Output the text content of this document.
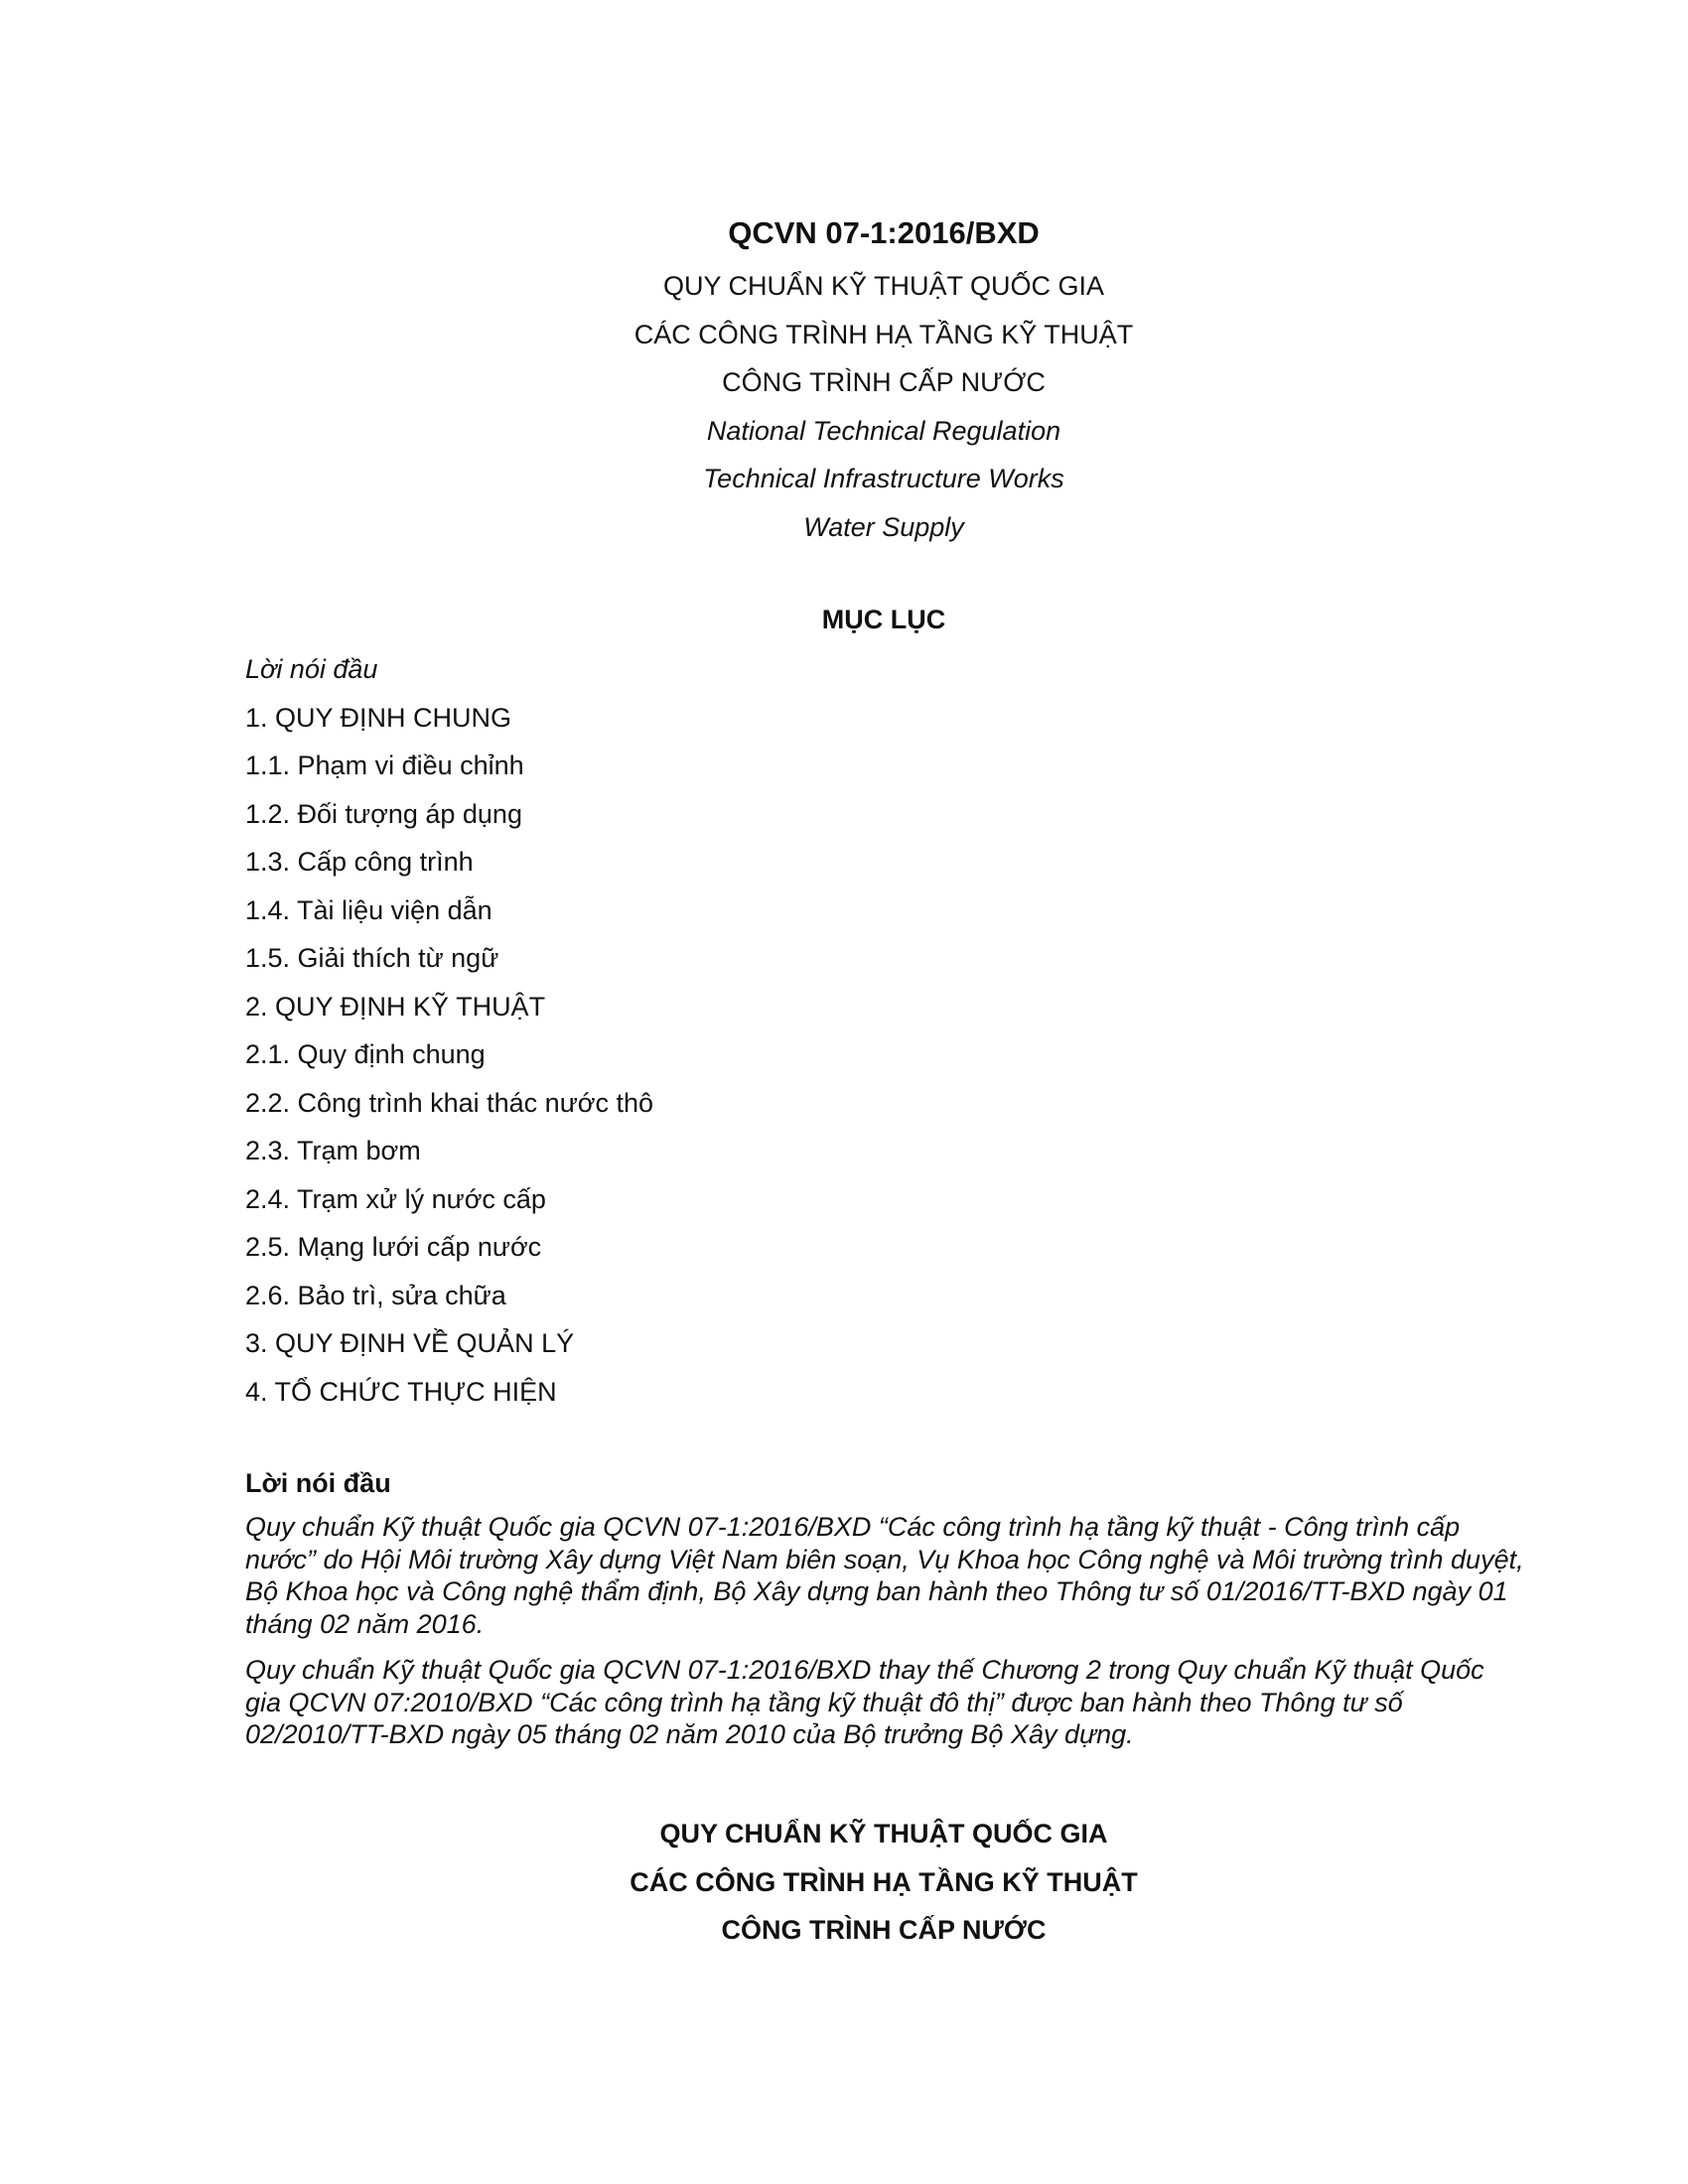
QCVN 07-1:2016/BXD

QUY CHUẨN KỸ THUẬT QUỐC GIA

CÁC CÔNG TRÌNH HẠ TẦNG KỸ THUẬT

CÔNG TRÌNH CẤP NƯỚC

National Technical Regulation

Technical Infrastructure Works

Water Supply

MỤC LỤC

Lời nói đầu
1. QUY ĐỊNH CHUNG
1.1. Phạm vi điều chỉnh
1.2. Đối tượng áp dụng
1.3. Cấp công trình
1.4. Tài liệu viện dẫn
1.5. Giải thích từ ngữ
2. QUY ĐỊNH KỸ THUẬT
2.1. Quy định chung
2.2. Công trình khai thác nước thô
2.3. Trạm bơm
2.4. Trạm xử lý nước cấp
2.5. Mạng lưới cấp nước
2.6. Bảo trì, sửa chữa
3. QUY ĐỊNH VỀ QUẢN LÝ
4. TỔ CHỨC THỰC HIỆN

Lời nói đầu

Quy chuẩn Kỹ thuật Quốc gia QCVN 07-1:2016/BXD “Các công trình hạ tầng kỹ thuật - Công trình cấp nước” do Hội Môi trường Xây dựng Việt Nam biên soạn, Vụ Khoa học Công nghệ và Môi trường trình duyệt, Bộ Khoa học và Công nghệ thẩm định, Bộ Xây dựng ban hành theo Thông tư số 01/2016/TT-BXD ngày 01 tháng 02 năm 2016.

Quy chuẩn Kỹ thuật Quốc gia QCVN 07-1:2016/BXD thay thế Chương 2 trong Quy chuẩn Kỹ thuật Quốc gia QCVN 07:2010/BXD “Các công trình hạ tầng kỹ thuật đô thị” được ban hành theo Thông tư số 02/2010/TT-BXD ngày 05 tháng 02 năm 2010 của Bộ trưởng Bộ Xây dựng.

QUY CHUẨN KỸ THUẬT QUỐC GIA

CÁC CÔNG TRÌNH HẠ TẦNG KỸ THUẬT

CÔNG TRÌNH CẤP NƯỚC
